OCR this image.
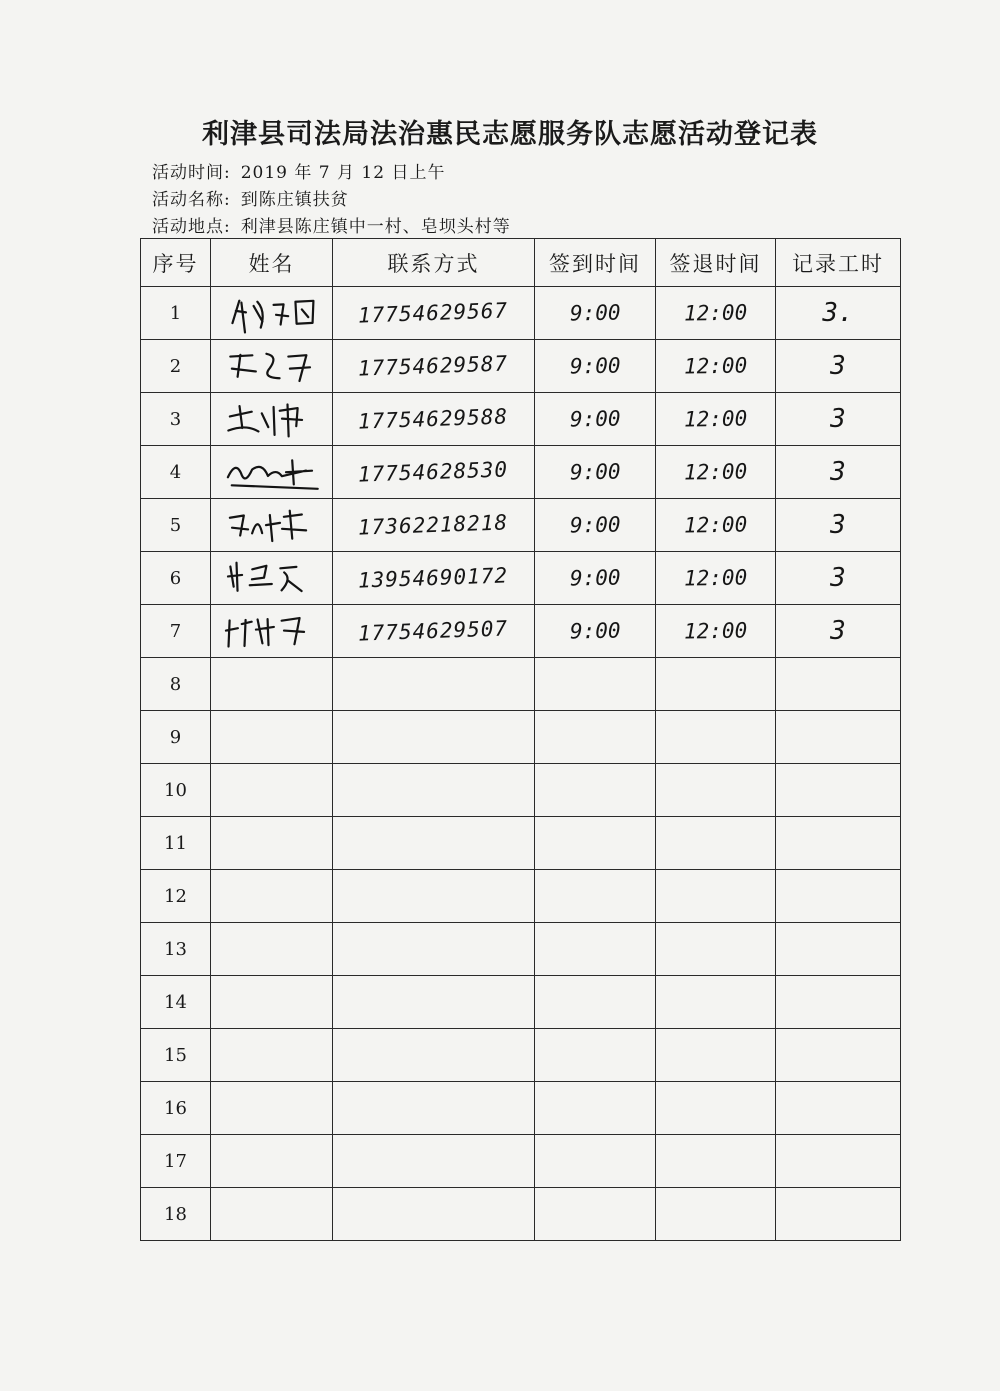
利津县司法局法治惠民志愿服务队志愿活动登记表
活动时间: 2019 年 7 月 12 日上午
活动名称: 到陈庄镇扶贫
活动地点: 利津县陈庄镇中一村、皂坝头村等
序号	姓名	联系方式	签到时间	签退时间	记录工时
1		17754629567	9:00	12:00	3.
2		17754629587	9:00	12:00	3
3		17754629588	9:00	12:00	3
4		17754628530	9:00	12:00	3
5		17362218218	9:00	12:00	3
6		13954690172	9:00	12:00	3
7		17754629507	9:00	12:00	3
8					
9					
10					
11					
12					
13					
14					
15					
16					
17					
18					
